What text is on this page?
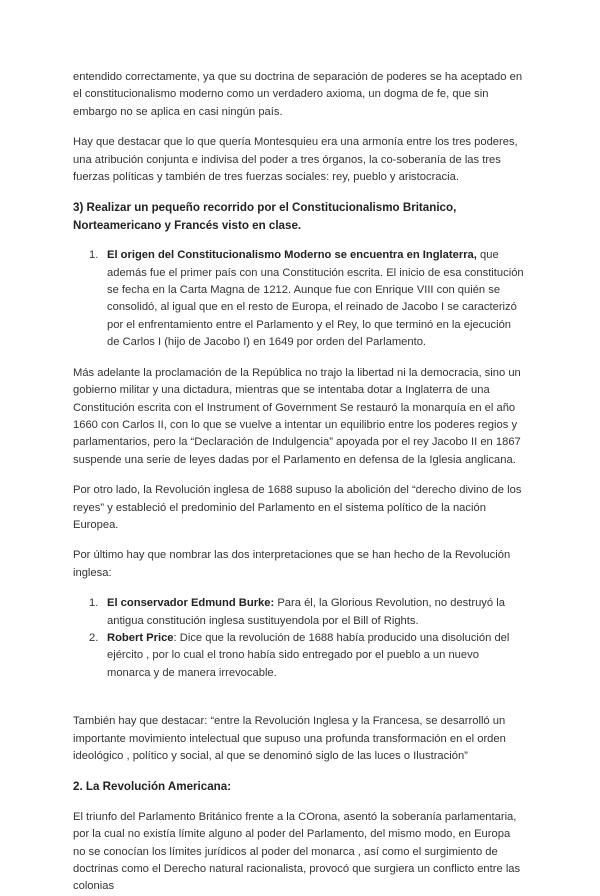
entendido correctamente, ya que su doctrina de separación de poderes se ha aceptado en el constitucionalismo moderno como un verdadero axioma, un dogma de fe, que sin embargo no se aplica en casi ningún país.

Hay que destacar que lo que quería Montesquieu era una armonía entre los tres poderes, una atribución conjunta e indivisa del poder a tres órganos, la co-soberanía de las tres fuerzas políticas y también de tres fuerzas sociales: rey, pueblo y aristocracia.

3) Realizar un pequeño recorrido por el Constitucionalismo Britanico, Norteamericano y Francés visto en clase.
1. El origen del Constitucionalismo Moderno se encuentra en Inglaterra, que además fue el primer país con una Constitución escrita. El inicio de esa constitución se fecha en la Carta Magna de 1212. Aunque fue con Enrique VIII con quién se consolidó, al igual que en el resto de Europa, el reinado de Jacobo I se caracterizó por el enfrentamiento entre el Parlamento y el Rey, lo que terminó en la ejecución de Carlos I (hijo de Jacobo I) en 1649 por orden del Parlamento.

Más adelante la proclamación de la República no trajo la libertad ni la democracia, sino un gobierno militar y una dictadura, mientras que se intentaba dotar a Inglaterra de una Constitución escrita con el Instrument of Government Se restauró la monarquía en el año 1660 con Carlos II, con lo que se vuelve a intentar un equilibrio entre los poderes regios y parlamentarios, pero la “Declaración de Indulgencia” apoyada por el rey Jacobo II en 1867 suspende una serie de leyes dadas por el Parlamento en defensa de la Iglesia anglicana.

Por otro lado, la Revolución inglesa de 1688 supuso la abolición del “derecho divino de los reyes” y estableció el predominio del Parlamento en el sistema político de la nación Europea.

Por último hay que nombrar las dos interpretaciones que se han hecho de la Revolución inglesa:

1. El conservador Edmund Burke: Para él, la Glorious Revolution, no destruyó la antigua constitución inglesa sustituyendola por el Bill of Rights.
2. Robert Price: Dice que la revolución de 1688 había producido una disolución del ejército , por lo cual el trono había sido entregado por el pueblo a un nuevo monarca y de manera irrevocable.

También hay que destacar: “entre la Revolución Inglesa y la Francesa, se desarrolló un importante movimiento intelectual que supuso una profunda transformación en el orden ideológico , político y social, al que se denominó siglo de las luces o Ilustración”

2. La Revolución Americana:

El triunfo del Parlamento Británico frente a la COrona, asentó la soberanía parlamentaria, por la cual no existía límite alguno al poder del Parlamento, del mismo modo, en Europa no se conocían los límites jurídicos al poder del monarca , así como el surgimiento de doctrinas como el Derecho natural racionalista, provocó que surgiera un conflicto entre las colonias
